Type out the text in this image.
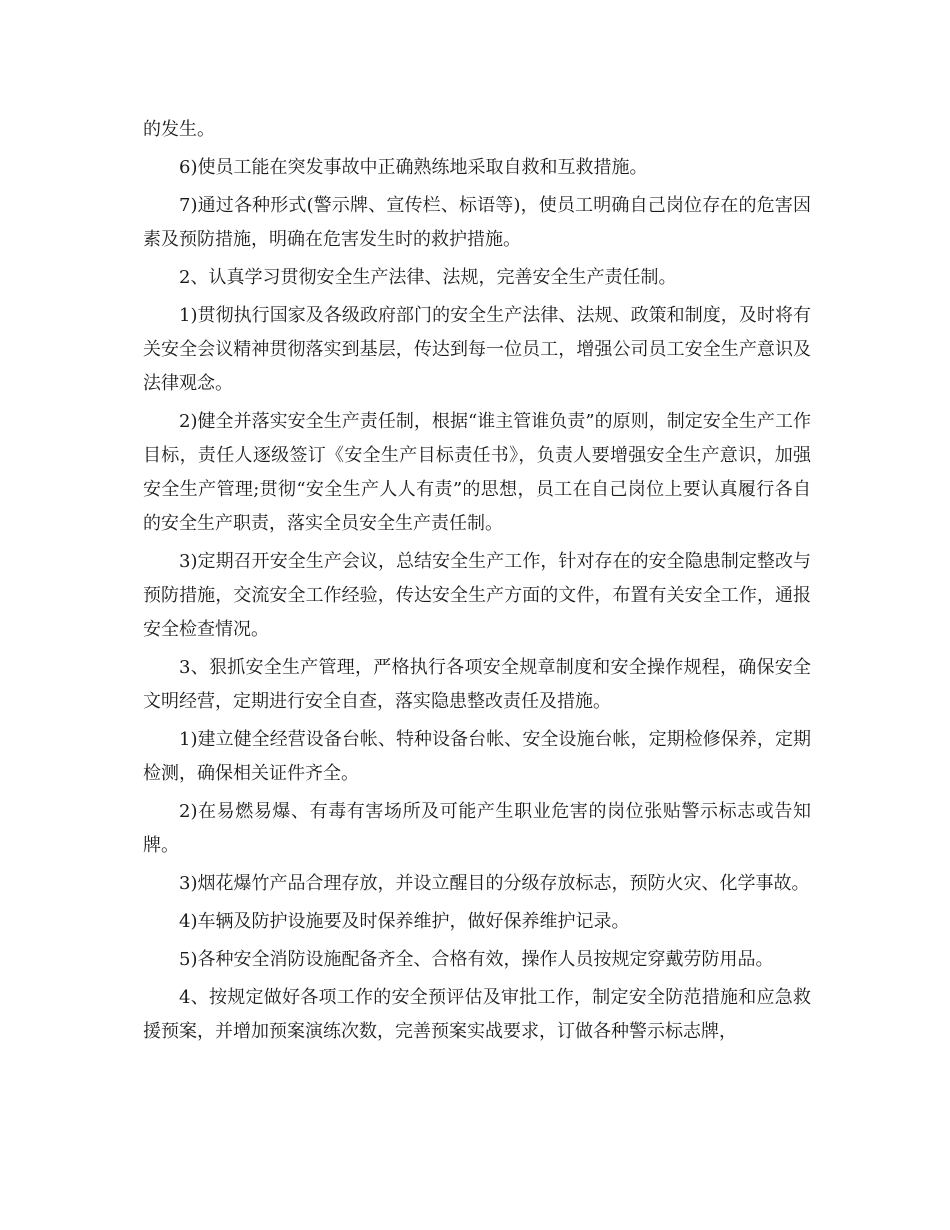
的发生。

6)使员工能在突发事故中正确熟练地采取自救和互救措施。

7)通过各种形式(警示牌、宣传栏、标语等)，使员工明确自己岗位存在的危害因素及预防措施，明确在危害发生时的救护措施。

2、认真学习贯彻安全生产法律、法规，完善安全生产责任制。

1)贯彻执行国家及各级政府部门的安全生产法律、法规、政策和制度，及时将有关安全会议精神贯彻落实到基层，传达到每一位员工，增强公司员工安全生产意识及法律观念。

2)健全并落实安全生产责任制，根据“谁主管谁负责”的原则，制定安全生产工作目标，责任人逐级签订《安全生产目标责任书》，负责人要增强安全生产意识，加强安全生产管理;贯彻“安全生产人人有责”的思想，员工在自己岗位上要认真履行各自的安全生产职责，落实全员安全生产责任制。

3)定期召开安全生产会议，总结安全生产工作，针对存在的安全隐患制定整改与预防措施，交流安全工作经验，传达安全生产方面的文件，布置有关安全工作，通报安全检查情况。

3、狠抓安全生产管理，严格执行各项安全规章制度和安全操作规程，确保安全文明经营，定期进行安全自查，落实隐患整改责任及措施。

1)建立健全经营设备台帐、特种设备台帐、安全设施台帐，定期检修保养，定期检测，确保相关证件齐全。

2)在易燃易爆、有毒有害场所及可能产生职业危害的岗位张贴警示标志或告知牌。

3)烟花爆竹产品合理存放，并设立醒目的分级存放标志，预防火灾、化学事故。

4)车辆及防护设施要及时保养维护，做好保养维护记录。

5)各种安全消防设施配备齐全、合格有效，操作人员按规定穿戴劳防用品。

4、按规定做好各项工作的安全预评估及审批工作，制定安全防范措施和应急救援预案，并增加预案演练次数，完善预案实战要求，订做各种警示标志牌，
